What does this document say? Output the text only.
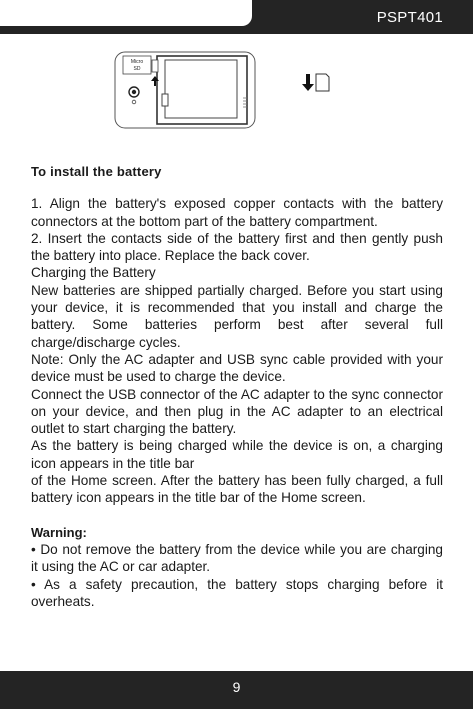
PSPT401
Micro
SD

To install the battery

1. Align the battery's exposed copper contacts with the battery connectors at the bottom part of the battery compartment.

2. Insert the contacts side of the battery first and then gently push the battery into place. Replace the back cover.

Charging the Battery

New batteries are shipped partially charged. Before you start using your device, it is recommended that you install and charge the battery. Some batteries perform best after several full charge/discharge cycles.

Note: Only the AC adapter and USB sync cable provided with your device must be used to charge the device.

Connect the USB connector of the AC adapter to the sync connector on your device, and then plug in the AC adapter to an electrical outlet to start charging the battery.

As the battery is being charged while the device is on, a charging icon appears in the title bar

of the Home screen. After the battery has been fully charged, a full battery icon appears in the title bar of the Home screen.

Warning:

• Do not remove the battery from the device while you are charging it using the AC or car adapter.

• As a safety precaution, the battery stops charging before it overheats.

9
